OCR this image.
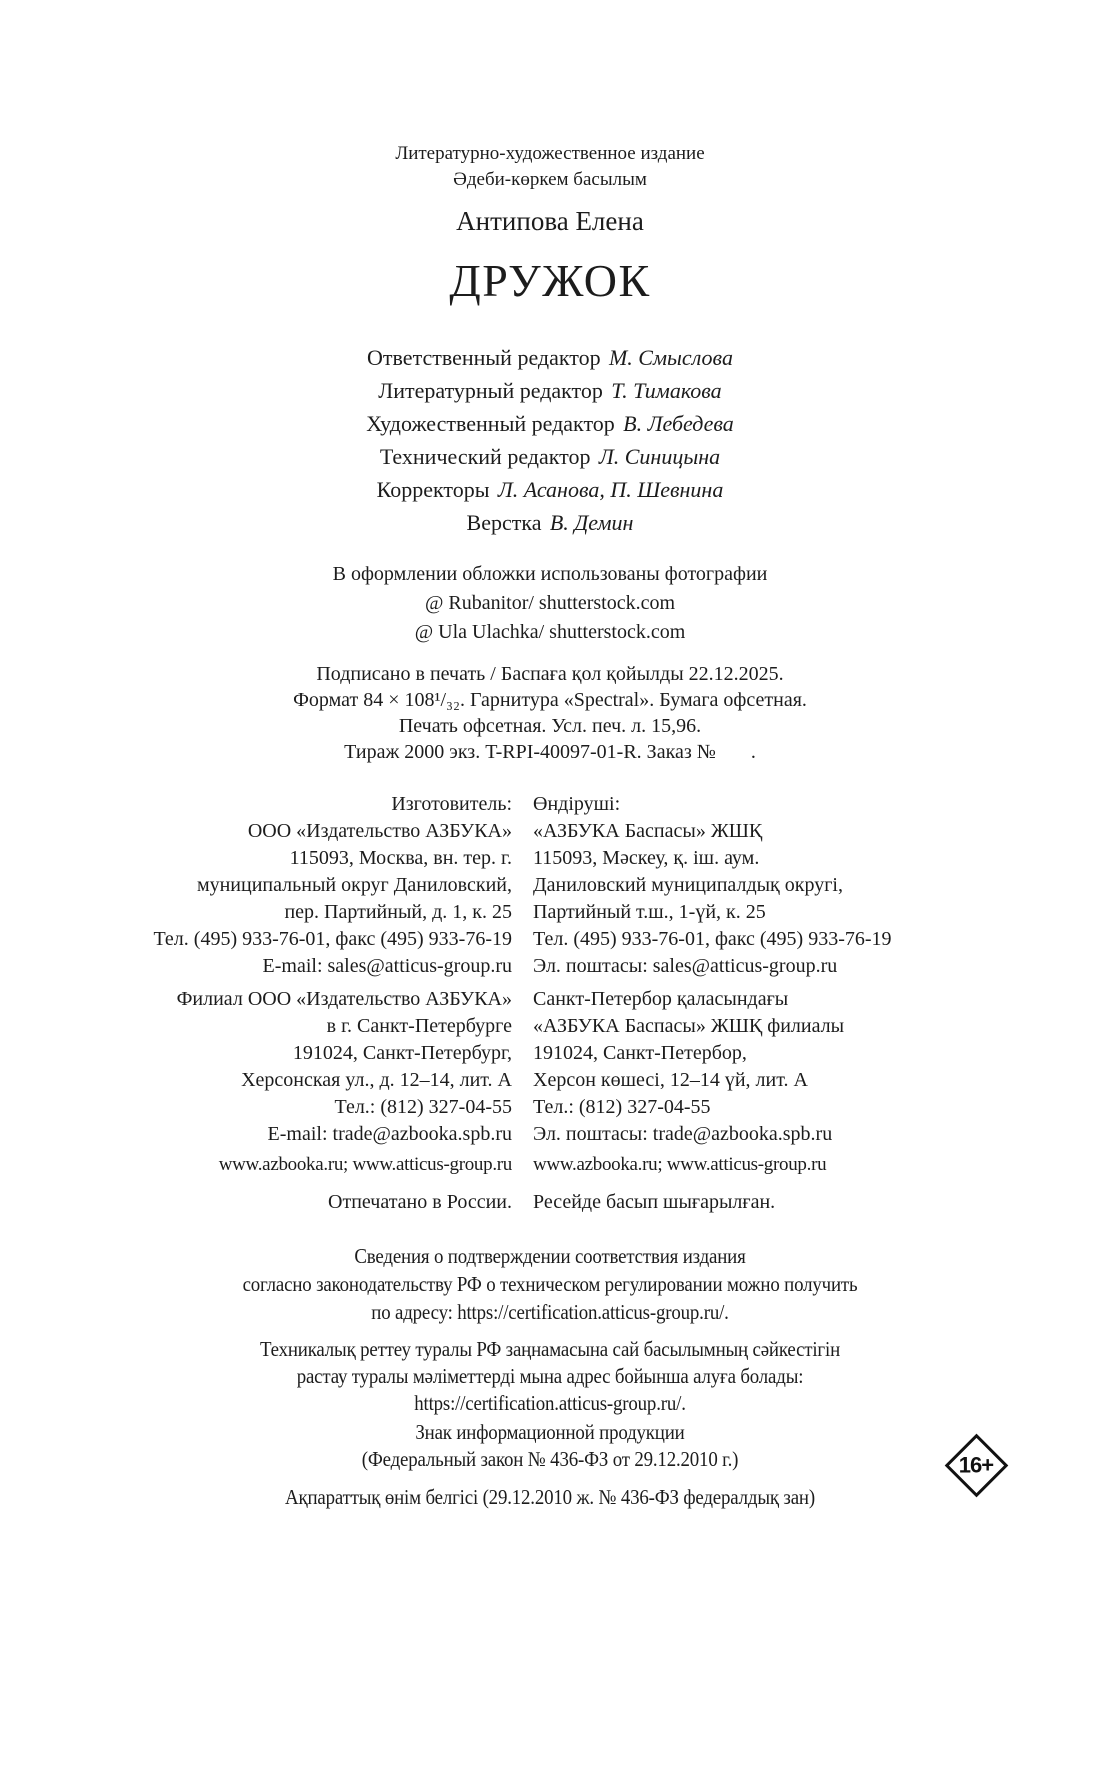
Литературно-художественное издание
Әдеби-көркем басылым
Антипова Елена
ДРУЖОК
Ответственный редактор М. Смыслова
Литературный редактор Т. Тимакова
Художественный редактор В. Лебедева
Технический редактор Л. Синицына
Корректоры Л. Асанова, П. Шевнина
Верстка В. Демин
В оформлении обложки использованы фотографии
@ Rubanitor/ shutterstock.com
@ Ula Ulachka/ shutterstock.com
Подписано в печать / Баспаға қол қойылды 22.12.2025.
Формат 84 × 108¹/₃₂. Гарнитура «Spectral». Бумага офсетная.
Печать офсетная. Усл. печ. л. 15,96.
Тираж 2000 экз. T-RPI-40097-01-R. Заказ №       .
Изготовитель:
ООО «Издательство АЗБУКА»
115093, Москва, вн. тер. г.
муниципальный округ Даниловский,
пер. Партийный, д. 1, к. 25
Тел. (495) 933-76-01, факс (495) 933-76-19
E-mail: sales@atticus-group.ru
Өндіруші:
«АЗБУКА Баспасы» ЖШҚ
115093, Мәскеу, қ. іш. аум.
Даниловский муниципалдық округі,
Партийный т.ш., 1-үй, к. 25
Тел. (495) 933-76-01, факс (495) 933-76-19
Эл. поштасы: sales@atticus-group.ru
Филиал ООО «Издательство АЗБУКА»
в г. Санкт-Петербурге
191024, Санкт-Петербург,
Херсонская ул., д. 12–14, лит. А
Тел.: (812) 327-04-55
E-mail: trade@azbooka.spb.ru
Санкт-Петербор қаласындағы
«АЗБУКА Баспасы» ЖШҚ филиалы
191024, Санкт-Петербор,
Херсон көшесі, 12–14 үй, лит. А
Тел.: (812) 327-04-55
Эл. поштасы: trade@azbooka.spb.ru
www.azbooka.ru; www.atticus-group.ru www.azbooka.ru; www.atticus-group.ru
Отпечатано в России. Ресейде басып шығарылған.
Сведения о подтверждении соответствия издания
согласно законодательству РФ о техническом регулировании можно получить
по адресу: https://certification.atticus-group.ru/.
Техникалық реттеу туралы РФ заңнамасына сай басылымның сәйкестігін
растау туралы мәліметтерді мына адрес бойынша алуға болады:
https://certification.atticus-group.ru/.
Знак информационной продукции
(Федеральный закон № 436-ФЗ от 29.12.2010 г.)
Ақпараттық өнім белгісі (29.12.2010 ж. № 436-ФЗ федералдық зан)
16+
